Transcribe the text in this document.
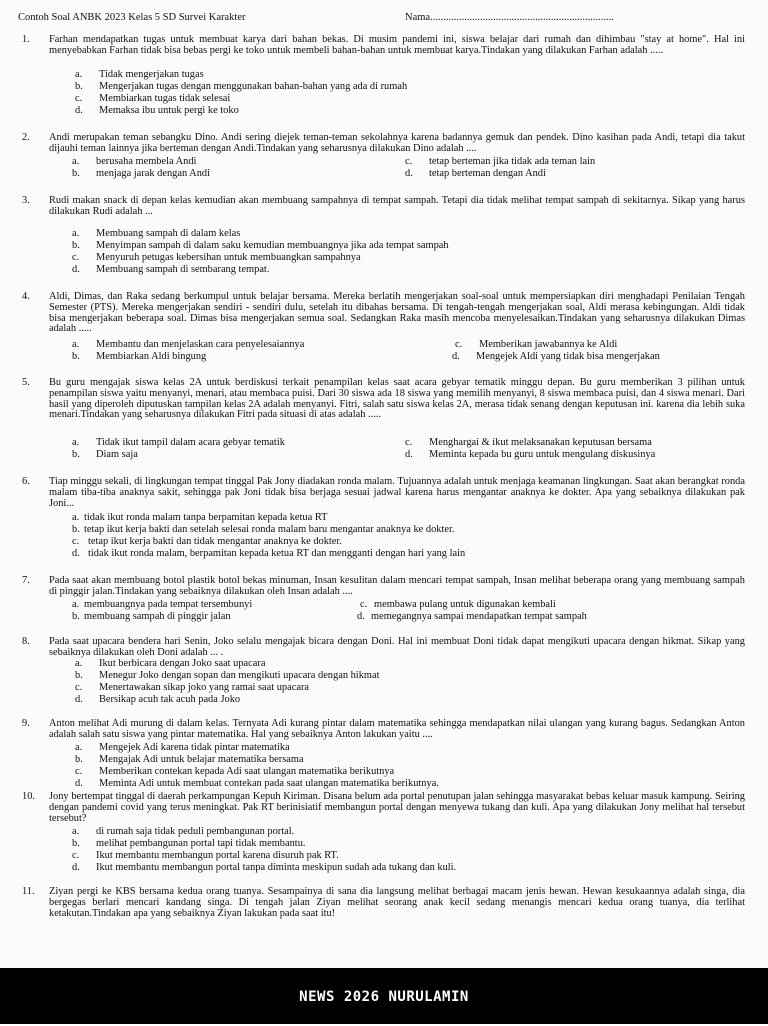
Contoh Soal ANBK 2023 Kelas 5 SD Survei Karakter	Nama......................................................................
1.	Farhan mendapatkan tugas untuk membuat karya dari bahan bekas. Di musim pandemi ini, siswa belajar dari rumah dan dihimbau "stay at home". Hal ini menyebabkan Farhan tidak bisa bebas pergi ke toko untuk membeli bahan-bahan untuk membuat karya.Tindakan yang dilakukan Farhan adalah .....
a. Tidak mengerjakan tugas
b. Mengerjakan tugas dengan menggunakan bahan-bahan yang ada di rumah
c. Membiarkan tugas tidak selesai
d. Memaksa ibu untuk pergi ke toko
2.	Andi merupakan teman sebangku Dino. Andi sering diejek teman-teman sekolahnya karena badannya gemuk dan pendek. Dino kasihan pada Andi, tetapi dia takut dijauhi teman lainnya jika berteman dengan Andi.Tindakan yang seharusnya dilakukan Dino adalah ....
a. berusaha membela Andi
b. menjaga jarak dengan Andi
c. tetap berteman jika tidak ada teman lain
d. tetap berteman dengan Andi
3.	Rudi makan snack di depan kelas kemudian akan membuang sampahnya di tempat sampah. Tetapi dia tidak melihat tempat sampah di sekitarnya. Sikap yang harus dilakukan Rudi adalah ...
a. Membuang sampah di dalam kelas
b. Menyimpan sampah di dalam saku kemudian membuangnya jika ada tempat sampah
c. Menyuruh petugas kebersihan untuk membuangkan sampahnya
d. Membuang sampah di sembarang tempat.
4.	Aldi, Dimas, dan Raka sedang berkumpul untuk belajar bersama. Mereka berlatih mengerjakan soal-soal untuk mempersiapkan diri menghadapi Penilaian Tengah Semester (PTS). Mereka mengerjakan sendiri - sendiri dulu, setelah itu dibahas bersama. Di tengah-tengah mengerjakan soal, Aldi merasa kebingungan. Aldi tidak bisa mengerjakan beberapa soal. Dimas bisa mengerjakan semua soal. Sedangkan Raka masih mencoba menyelesaikan.Tindakan yang seharusnya dilakukan Dimas adalah .....
a. Membantu dan menjelaskan cara penyelesaiannya
b. Membiarkan Aldi bingung
c. Memberikan jawabannya ke Aldi
d. Mengejek Aldi yang tidak bisa mengerjakan
5.	Bu guru mengajak siswa kelas 2A untuk berdiskusi terkait penampilan kelas saat acara gebyar tematik minggu depan. Bu guru memberikan 3 pilihan untuk penampilan siswa yaitu menyanyi, menari, atau membaca puisi. Dari 30 siswa ada 18 siswa yang memilih menyanyi, 8 siswa membaca puisi, dan 4 siswa menari. Dari hasil yang diperoleh diputuskan tampilan kelas 2A adalah menyanyi. Fitri, salah satu siswa kelas 2A, merasa tidak senang dengan keputusan ini. karena dia lebih suka menari.Tindakan yang seharusnya dilakukan Fitri pada situasi di atas adalah .....
a. Tidak ikut tampil dalam acara gebyar tematik
b. Diam saja
c. Menghargai & ikut melaksanakan keputusan bersama
d. Meminta kepada bu guru untuk mengulang diskusinya
6.	Tiap minggu sekali, di lingkungan tempat tinggal Pak Jony diadakan ronda malam. Tujuannya adalah untuk menjaga keamanan lingkungan. Saat akan berangkat ronda malam tiba-tiba anaknya sakit, sehingga pak Joni tidak bisa berjaga sesuai jadwal karena harus mengantar anaknya ke dokter. Apa yang sebaiknya dilakukan pak Joni...
a. tidak ikut ronda malam tanpa berpamitan kepada ketua RT
b. tetap ikut kerja bakti dan setelah selesai ronda malam baru mengantar anaknya ke dokter.
c. tetap ikut kerja bakti dan tidak mengantar anaknya ke dokter.
d. tidak ikut ronda malam, berpamitan kepada ketua RT dan mengganti dengan hari yang lain
7.	Pada saat akan membuang botol plastik botol bekas minuman, Insan kesulitan dalam mencari tempat sampah, Insan melihat beberapa orang yang membuang sampah di pinggir jalan.Tindakan yang sebaiknya dilakukan oleh Insan adalah ....
a. membuangnya pada tempat tersembunyi
b. membuang sampah di pinggir jalan
c. membawa pulang untuk digunakan kembali
d. memegangnya sampai mendapatkan tempat sampah
8.	Pada saat upacara bendera hari Senin, Joko selalu mengajak bicara dengan Doni. Hal ini membuat Doni tidak dapat mengikuti upacara dengan hikmat. Sikap yang sebaiknya dilakukan oleh Doni adalah ... .
a. Ikut berbicara dengan Joko saat upacara
b. Menegur Joko dengan sopan dan mengikuti upacara dengan hikmat
c. Menertawakan sikap joko yang ramai saat upacara
d. Bersikap acuh tak acuh pada Joko
9.	Anton melihat Adi murung di dalam kelas. Ternyata Adi kurang pintar dalam matematika sehingga mendapatkan nilai ulangan yang kurang bagus. Sedangkan Anton adalah salah satu siswa yang pintar matematika. Hal yang sebaiknya Anton lakukan yaitu ....
a. Mengejek Adi karena tidak pintar matematika
b. Mengajak Adi untuk belajar matematika bersama
c. Memberikan contekan kepada Adi saat ulangan matematika berikutnya
d. Meminta Adi untuk membuat contekan pada saat ulangan matematika berikutnya.
10.	Jony bertempat tinggal di daerah perkampungan Kepuh Kiriman. Disana belum ada portal penutupan jalan sehingga masyarakat bebas keluar masuk kampung. Seiring dengan pandemi covid yang terus meningkat. Pak RT berinisiatif membangun portal dengan menyewa tukang dan kuli. Apa yang dilakukan Jony melihat hal tersebut tersebut?
a. di rumah saja tidak peduli pembangunan portal.
b. melihat pembangunan portal tapi tidak membantu.
c. Ikut membantu membangun portal karena disuruh pak RT.
d. Ikut membantu membangun portal tanpa diminta meskipun sudah ada tukang dan kuli.
11.	Ziyan pergi ke KBS bersama kedua orang tuanya. Sesampainya di sana dia langsung melihat berbagai macam jenis hewan. Hewan kesukaannya adalah singa, dia bergegas berlari mencari kandang singa. Di tengah jalan Ziyan melihat seorang anak kecil sedang menangis mencari kedua orang tuanya, dia terlihat ketakutan.Tindakan apa yang sebaiknya Ziyan lakukan pada saat itu!
NEWS 2026 NURULAMIN
